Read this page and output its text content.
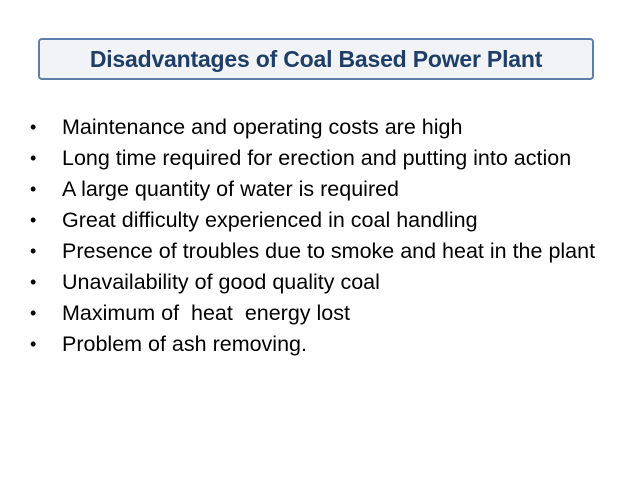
Disadvantages of Coal Based Power Plant
• Maintenance and operating costs are high
• Long time required for erection and putting into action
• A large quantity of water is required
• Great difficulty experienced in coal handling
• Presence of troubles due to smoke and heat in the plant
• Unavailability of good quality coal
• Maximum of  heat  energy lost
• Problem of ash removing.
